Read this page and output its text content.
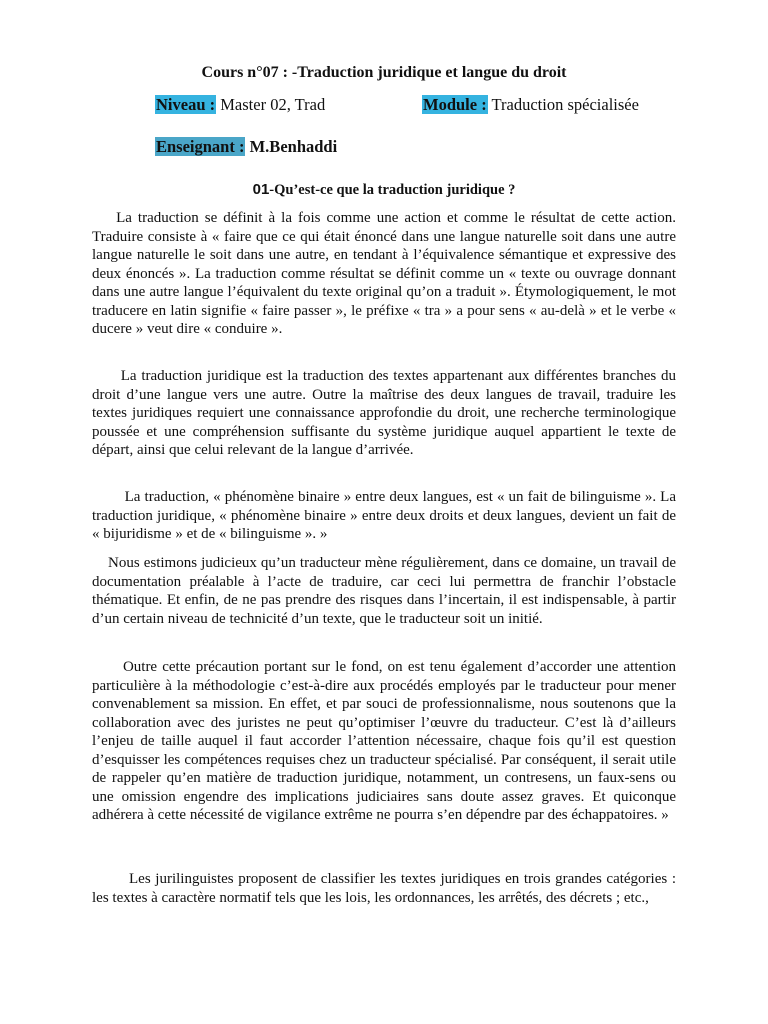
Cours n°07 : -Traduction juridique et langue du droit
Niveau : Master 02, Trad	Module : Traduction spécialisée
Enseignant : M.Benhaddi
01-Qu’est-ce que la traduction juridique ?

La traduction se définit à la fois comme une action et comme le résultat de cette action. Traduire consiste à « faire que ce qui était énoncé dans une langue naturelle soit dans une autre langue naturelle le soit dans une autre, en tendant à l’équivalence sémantique et expressive des deux énoncés ». La traduction comme résultat se définit comme un « texte ou ouvrage donnant dans une autre langue l’équivalent du texte original qu’on a traduit ». Étymologiquement, le mot traducere en latin signifie « faire passer », le préfixe « tra » a pour sens « au-delà » et le verbe « ducere » veut dire « conduire ».

La traduction juridique est la traduction des textes appartenant aux différentes branches du droit d’une langue vers une autre. Outre la maîtrise des deux langues de travail, traduire les textes juridiques requiert une connaissance approfondie du droit, une recherche terminologique poussée et une compréhension suffisante du système juridique auquel appartient le texte de départ, ainsi que celui relevant de la langue d’arrivée.

La traduction, « phénomène binaire » entre deux langues, est « un fait de bilinguisme ». La traduction juridique, « phénomène binaire » entre deux droits et deux langues, devient un fait de « bijuridisme » et de « bilinguisme ». »

Nous estimons judicieux qu’un traducteur mène régulièrement, dans ce domaine, un travail de documentation préalable à l’acte de traduire, car ceci lui permettra de franchir l’obstacle thématique. Et enfin, de ne pas prendre des risques dans l’incertain, il est indispensable, à partir d’un certain niveau de technicité d’un texte, que le traducteur soit un initié.

Outre cette précaution portant sur le fond, on est tenu également d’accorder une attention particulière à la méthodologie c’est-à-dire aux procédés employés par le traducteur pour mener convenablement sa mission. En effet, et par souci de professionnalisme, nous soutenons que la collaboration avec des juristes ne peut qu’optimiser l’œuvre du traducteur. C’est là d’ailleurs l’enjeu de taille auquel il faut accorder l’attention nécessaire, chaque fois qu’il est question d’esquisser les compétences requises chez un traducteur spécialisé. Par conséquent, il serait utile de rappeler qu’en matière de traduction juridique, notamment, un contresens, un faux-sens ou une omission engendre des implications judiciaires sans doute assez graves. Et quiconque adhérera à cette nécessité de vigilance extrême ne pourra s’en dépendre par des échappatoires. »

Les jurilinguistes proposent de classifier les textes juridiques en trois grandes catégories : les textes à caractère normatif tels que les lois, les ordonnances, les arrêtés, des décrets ; etc.,
